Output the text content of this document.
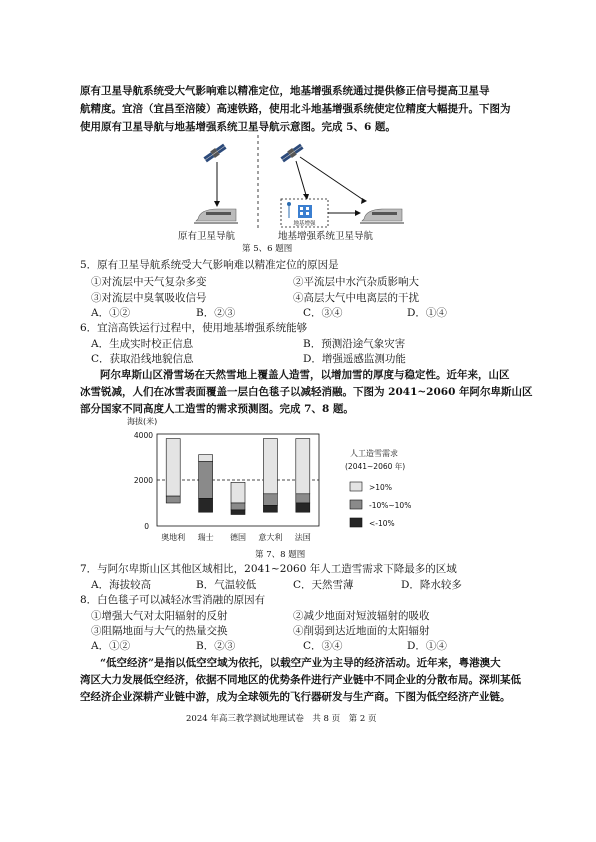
原有卫星导航系统受大气影响难以精准定位，地基增强系统通过提供修正信号提高卫星导
航精度。宜涪（宜昌至涪陵）高速铁路，使用北斗地基增强系统使定位精度大幅提升。下图为
使用原有卫星导航与地基增强系统卫星导航示意图。完成 5、6 题。
原有卫星导航
地基增强
地基增强系统卫星导航
第 5、6 题图
5．原有卫星导航系统受大气影响难以精准定位的原因是
①对流层中天气复杂多变	②平流层中水汽杂质影响大
③对流层中臭氧吸收信号	④高层大气中电离层的干扰
A．①②	B．②③	C．③④	D．①④
6．宜涪高铁运行过程中，使用地基增强系统能够
A．生成实时校正信息	B．预测沿途气象灾害
C．获取沿线地貌信息	D．增强遥感监测功能
阿尔卑斯山区滑雪场在天然雪地上覆盖人造雪，以增加雪的厚度与稳定性。近年来，山区
冰雪锐减，人们在冰雪表面覆盖一层白色毯子以减轻消融。下图为 2041~2060 年阿尔卑斯山区
部分国家不同高度人工造雪的需求预测图。完成 7、8 题。
海拔(米)
4000
2000
0
奥地利 瑞士 德国 意大利 法国
人工造雪需求
(2041~2060 年)
>10%
-10%~10%
<-10%
第 7、8 题图
7．与阿尔卑斯山区其他区域相比，2041~2060 年人工造雪需求下降最多的区域
A．海拔较高	B．气温较低	C．天然雪薄	D．降水较多
8．白色毯子可以减轻冰雪消融的原因有
①增强大气对太阳辐射的反射	②减少地面对短波辐射的吸收
③阻隔地面与大气的热量交换	④削弱到达近地面的太阳辐射
A．①②	B．②③	C．③④	D．①④
“低空经济”是指以低空空域为依托，以载空产业为主导的经济活动。近年来，粤港澳大
湾区大力发展低空经济，依据不同地区的优势条件进行产业链中不同企业的分散布局。深圳某低
空经济企业深耕产业链中游，成为全球领先的飞行器研发与生产商。下图为低空经济产业链。
2024 年高三教学测试地理试卷　共 8 页　第 2 页
